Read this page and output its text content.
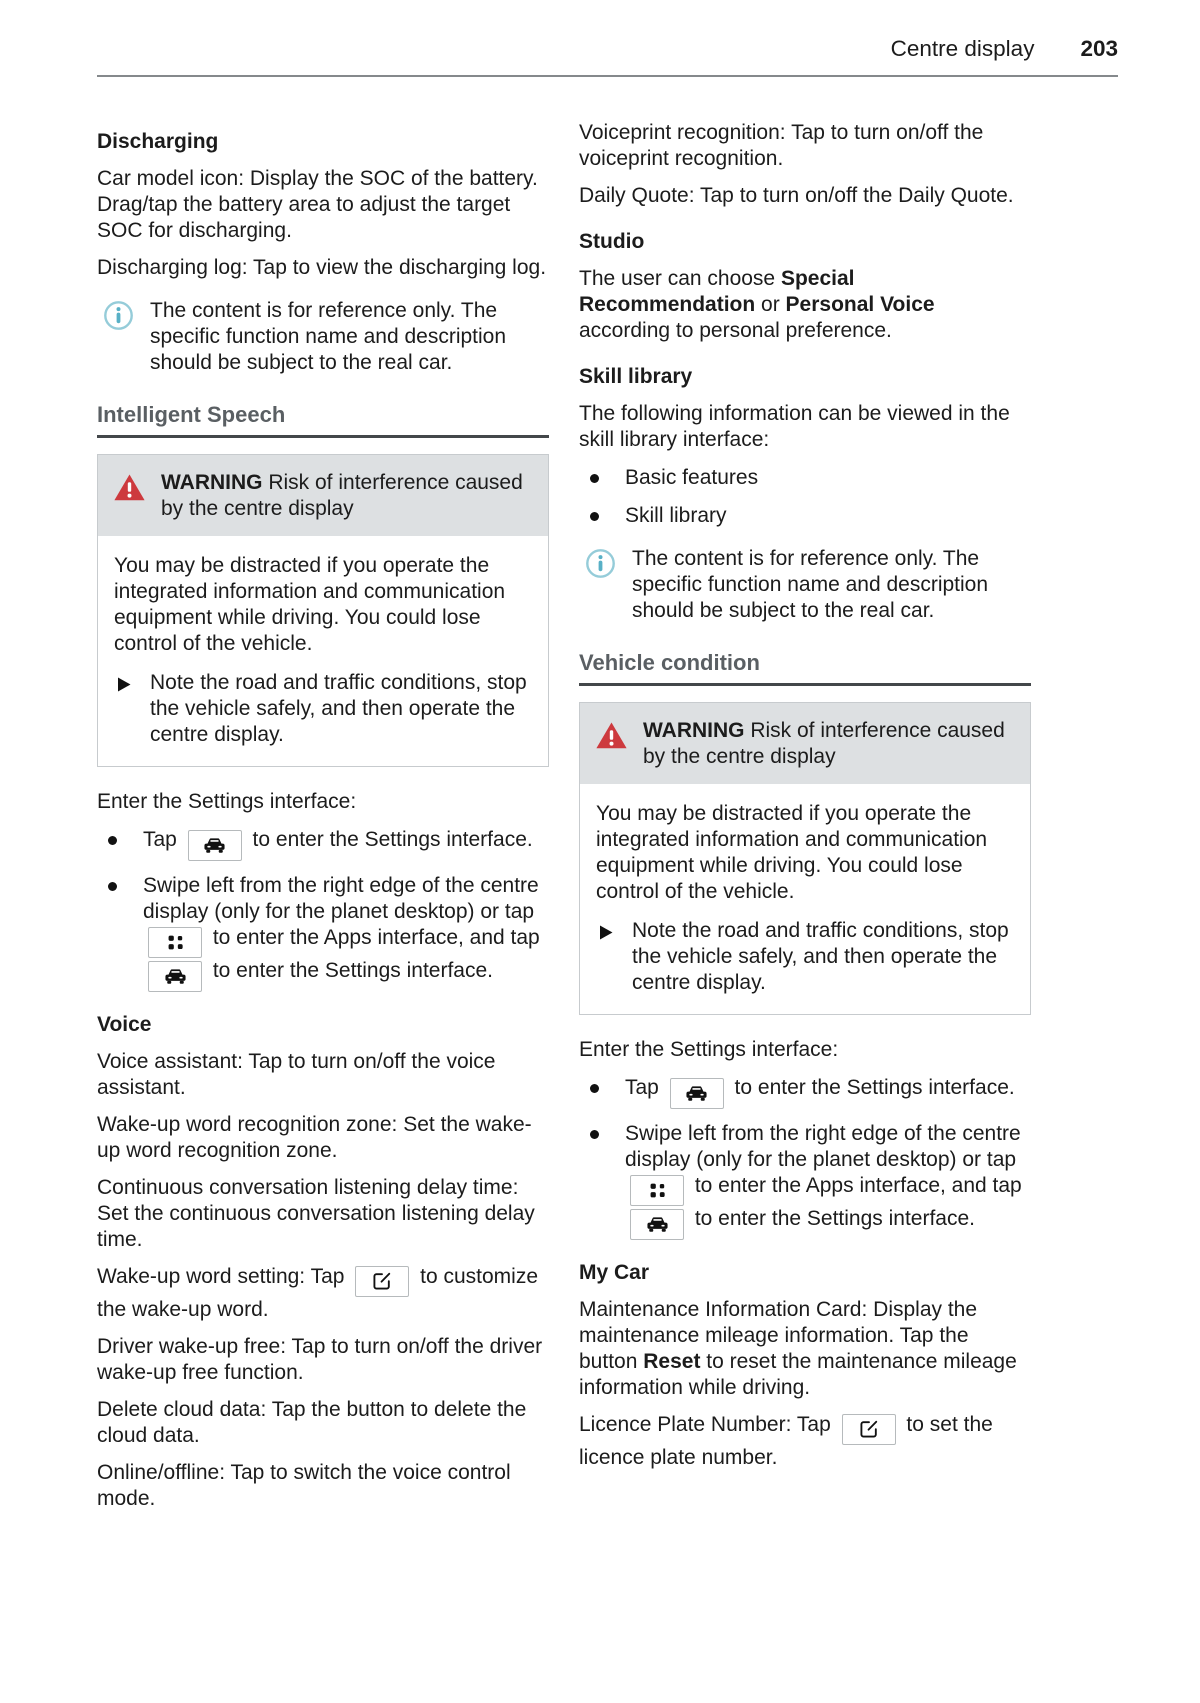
Centre display 203
Discharging
Car model icon: Display the SOC of the battery. Drag/tap the battery area to adjust the target SOC for discharging.
Discharging log: Tap to view the discharging log.
The content is for reference only. The specific function name and description should be subject to the real car.
Intelligent Speech
WARNING Risk of interference caused by the centre display
You may be distracted if you operate the integrated information and communication equipment while driving. You could lose control of the vehicle.
Note the road and traffic conditions, stop the vehicle safely, and then operate the centre display.
Enter the Settings interface:
Tap	to enter the Settings interface.
Swipe left from the right edge of the centre display (only for the planet desktop) or tap
to enter the Apps interface, and tap
to enter the Settings interface.
Voice
Voice assistant: Tap to turn on/off the voice assistant.
Wake-up word recognition zone: Set the wake-up word recognition zone.
Continuous conversation listening delay time: Set the continuous conversation listening delay time.
Wake-up word setting: Tap	to customize the wake-up word.
Driver wake-up free: Tap to turn on/off the driver wake-up free function.
Delete cloud data: Tap the button to delete the cloud data.
Online/offline: Tap to switch the voice control mode.
Voiceprint recognition: Tap to turn on/off the voiceprint recognition.
Daily Quote: Tap to turn on/off the Daily Quote.
Studio
The user can choose Special Recommendation or Personal Voice according to personal preference.
Skill library
The following information can be viewed in the skill library interface:
Basic features
Skill library
The content is for reference only. The specific function name and description should be subject to the real car.
Vehicle condition
WARNING Risk of interference caused by the centre display
You may be distracted if you operate the integrated information and communication equipment while driving. You could lose control of the vehicle.
Note the road and traffic conditions, stop the vehicle safely, and then operate the centre display.
Enter the Settings interface:
Tap	to enter the Settings interface.
Swipe left from the right edge of the centre display (only for the planet desktop) or tap
to enter the Apps interface, and tap
to enter the Settings interface.
My Car
Maintenance Information Card: Display the maintenance mileage information. Tap the button Reset to reset the maintenance mileage information while driving.
Licence Plate Number: Tap	to set the licence plate number.
